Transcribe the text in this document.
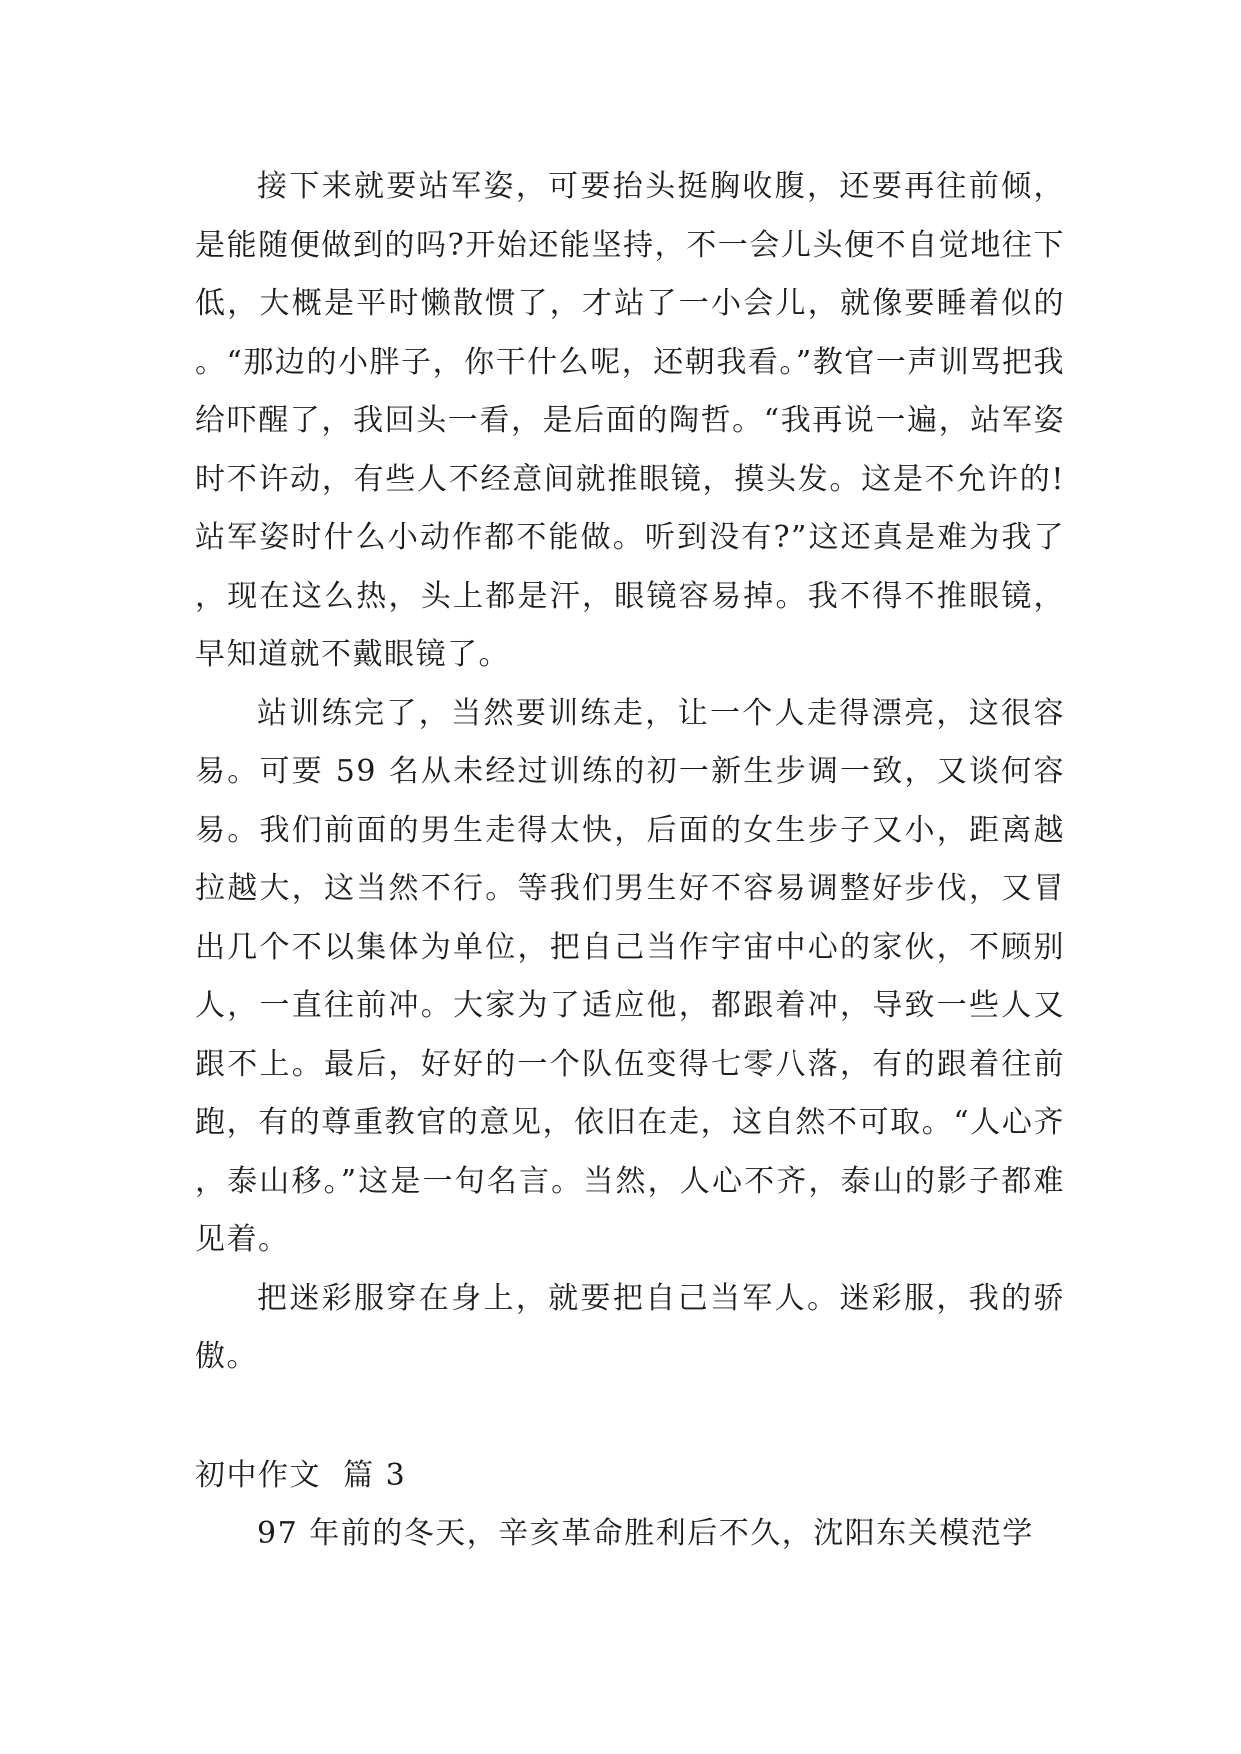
接下来就要站军姿，可要抬头挺胸收腹，还要再往前倾，是能随便做到的吗?开始还能坚持，不一会儿头便不自觉地往下低，大概是平时懒散惯了，才站了一小会儿，就像要睡着似的。“那边的小胖子，你干什么呢，还朝我看。”教官一声训骂把我给吓醒了，我回头一看，是后面的陶哲。“我再说一遍，站军姿时不许动，有些人不经意间就推眼镜，摸头发。这是不允许的!站军姿时什么小动作都不能做。听到没有?”这还真是难为我了，现在这么热，头上都是汗，眼镜容易掉。我不得不推眼镜，早知道就不戴眼镜了。

站训练完了，当然要训练走，让一个人走得漂亮，这很容易。可要 59 名从未经过训练的初一新生步调一致，又谈何容易。我们前面的男生走得太快，后面的女生步子又小，距离越拉越大，这当然不行。等我们男生好不容易调整好步伐，又冒出几个不以集体为单位，把自己当作宇宙中心的家伙，不顾别人，一直往前冲。大家为了适应他，都跟着冲，导致一些人又跟不上。最后，好好的一个队伍变得七零八落，有的跟着往前跑，有的尊重教官的意见，依旧在走，这自然不可取。“人心齐，泰山移。”这是一句名言。当然，人心不齐，泰山的影子都难见着。

把迷彩服穿在身上，就要把自己当军人。迷彩服，我的骄傲。

初中作文  篇 3

97 年前的冬天，辛亥革命胜利后不久，沈阳东关模范学
